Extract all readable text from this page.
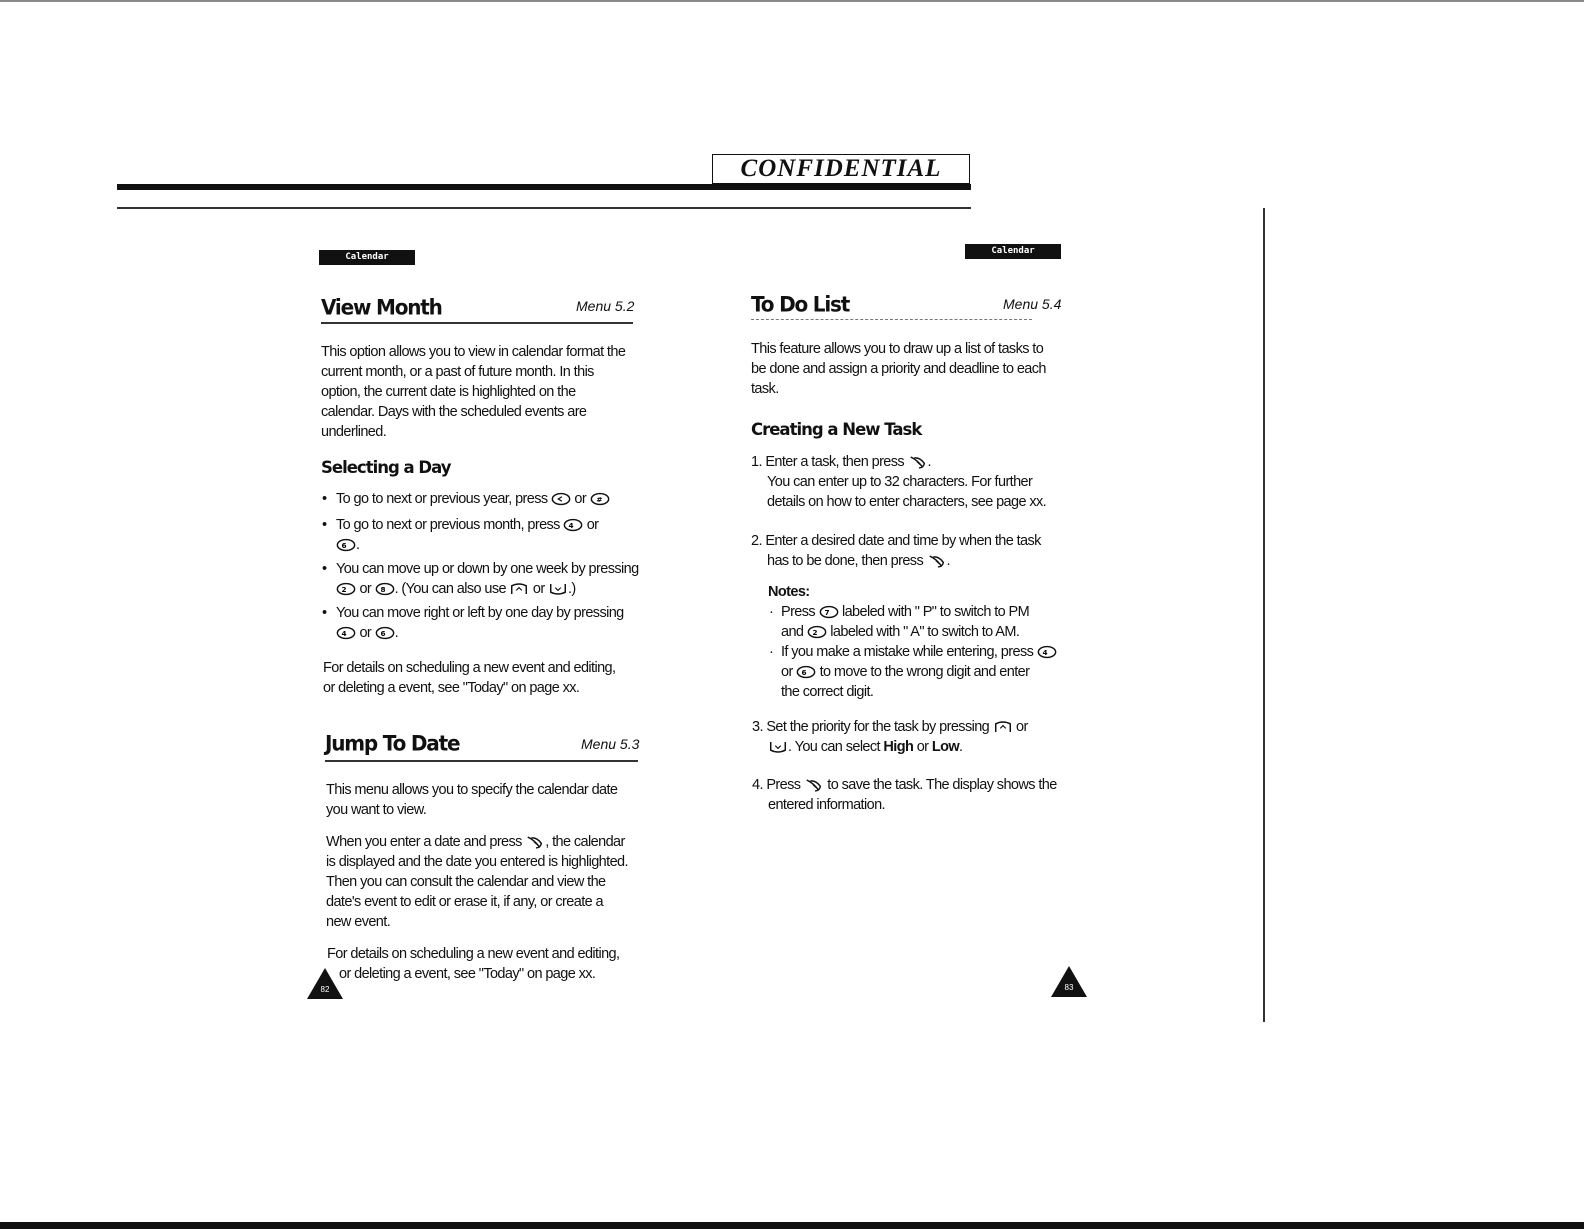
CONFIDENTIAL
Calendar
View Month	Menu 5.2
This option allows you to view in calendar format the
current month, or a past of future month. In this
option, the current date is highlighted on the
calendar. Days with the scheduled events are
underlined.
Selecting a Day
• To go to next or previous year, press or #
• To go to next or previous month, press 4 or

6 .
• You can move up or down by one week by pressing

2 or 8 . (You can also use or .)
• You can move right or left by one day by pressing

4 or 6 .
For details on scheduling a new event and editing,
or deleting a event, see "Today" on page xx.
Jump To Date	Menu 5.3
This menu allows you to specify the calendar date
you want to view.
When you enter a date and press , the calendar
is displayed and the date you entered is highlighted.
Then you can consult the calendar and view the
date's event to edit or erase it, if any, or create a
new event.
For details on scheduling a new event and editing,
or deleting a event, see "Today" on page xx.
82
Calendar
To Do List	Menu 5.4
This feature allows you to draw up a list of tasks to
be done and assign a priority and deadline to each
task.
Creating a New Task
1. Enter a task, then press .
You can enter up to 32 characters. For further
details on how to enter characters, see page xx.
2. Enter a desired date and time by when the task
has to be done, then press .
Notes:
· Press 7 labeled with " P" to switch to PM
and 2 labeled with " A" to switch to AM.
· If you make a mistake while entering, press 4
or 6 to move to the wrong digit and enter
the correct digit.
3. Set the priority for the task by pressing or
. You can select High or Low.
4. Press to save the task. The display shows the
entered information.
83
